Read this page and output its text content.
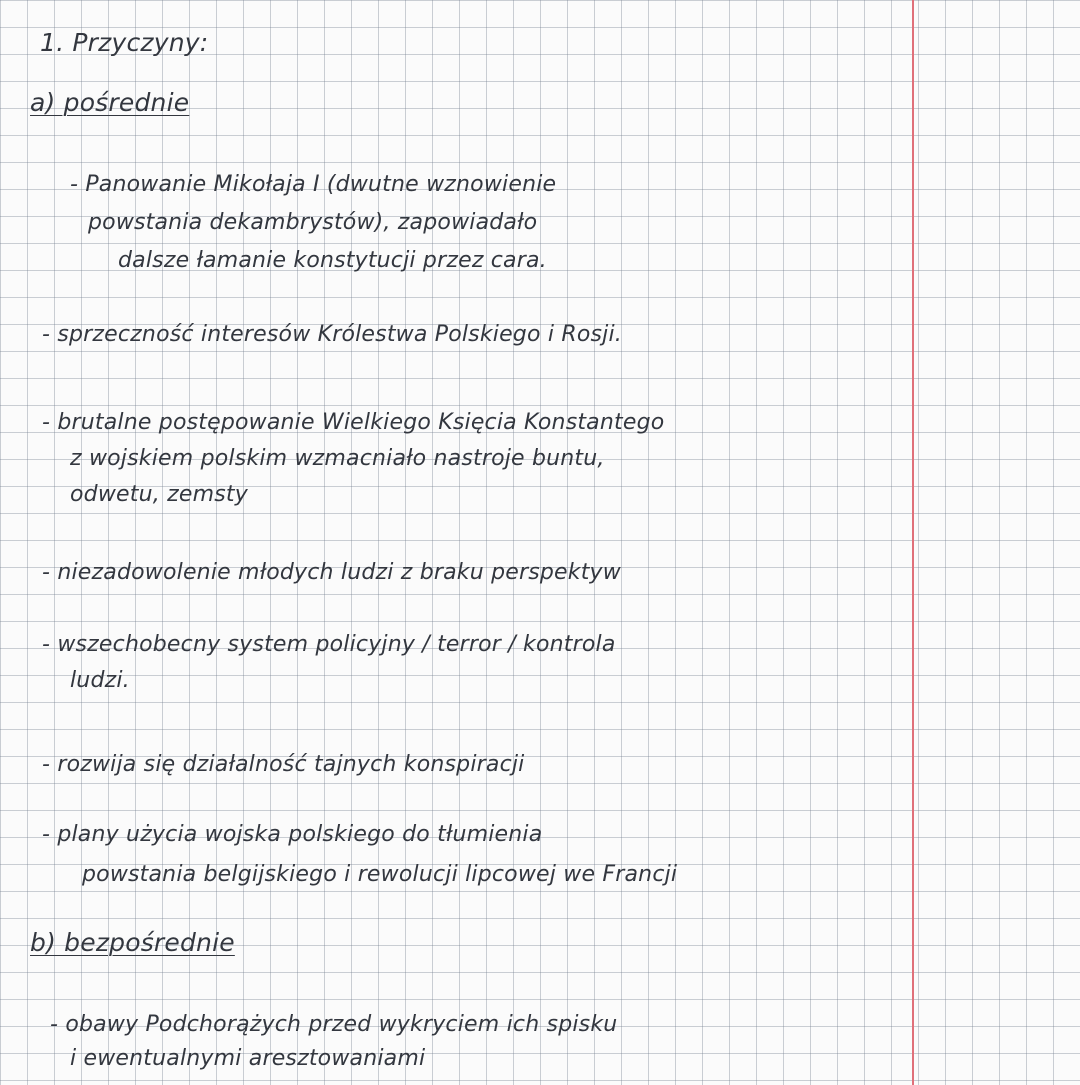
1. Przyczyny:
a) pośrednie
- Panowanie Mikołaja I (dwutne wznowienie
powstania dekambrystów), zapowiadało
dalsze łamanie konstytucji przez cara.
- sprzeczność interesów Królestwa Polskiego i Rosji.
- brutalne postępowanie Wielkiego Księcia Konstantego
z wojskiem polskim wzmacniało nastroje buntu,
odwetu, zemsty
- niezadowolenie młodych ludzi z braku perspektyw
- wszechobecny system policyjny / terror / kontrola
ludzi.
- rozwija się działalność tajnych konspiracji
- plany użycia wojska polskiego do tłumienia
powstania belgijskiego i rewolucji lipcowej we Francji
b) bezpośrednie
- obawy Podchorążych przed wykryciem ich spisku
i ewentualnymi aresztowaniami
